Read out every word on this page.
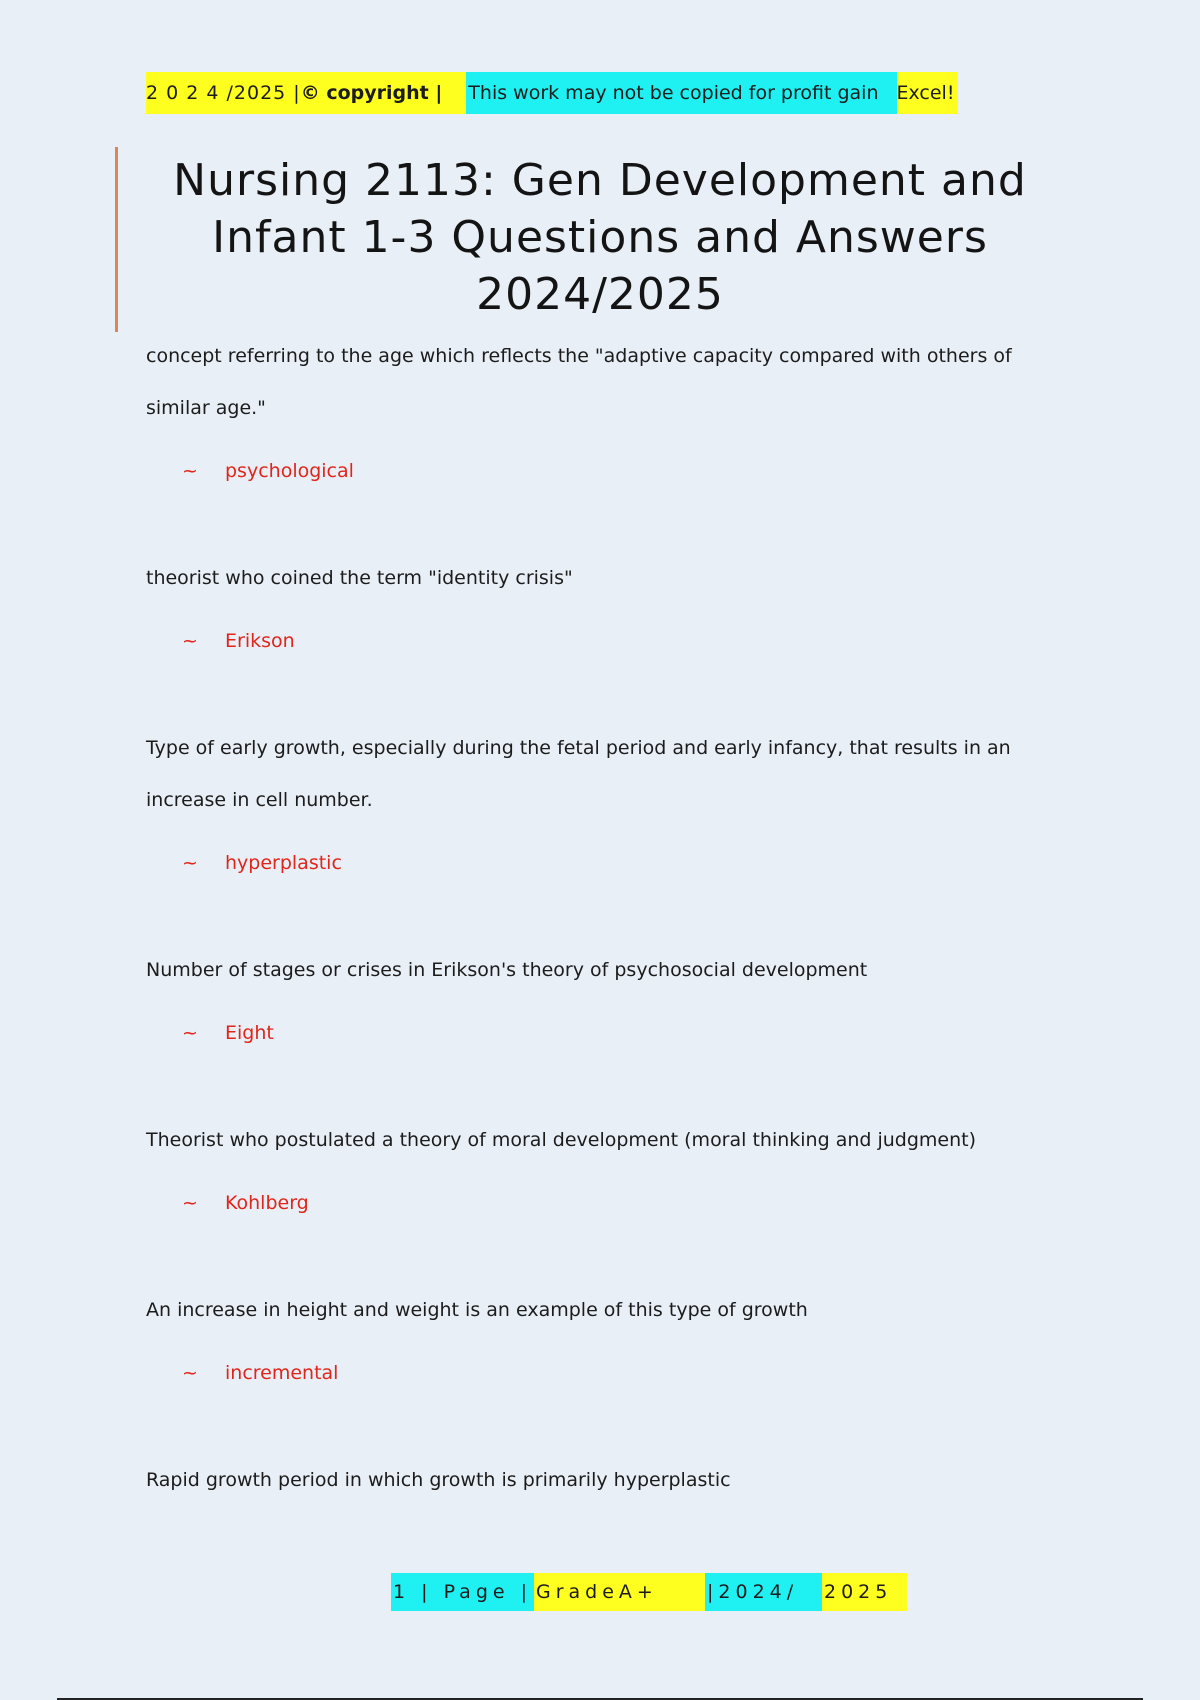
2 0 2 4 /2025 | © copyright |	This work may not be copied for profit gain Excel!
Nursing 2113: Gen Development and
Infant 1-3 Questions and Answers
2024/2025

concept referring to the age which reflects the "adaptive capacity compared with others of

similar age."

~	psychological

theorist who coined the term "identity crisis"

~	Erikson

Type of early growth, especially during the fetal period and early infancy, that results in an

increase in cell number.

~	hyperplastic

Number of stages or crises in Erikson's theory of psychosocial development

~	Eight

Theorist who postulated a theory of moral development (moral thinking and judgment)

~	Kohlberg

An increase in height and weight is an example of this type of growth

~	incremental

Rapid growth period in which growth is primarily hyperplastic

1 | Page | GradeA+	|2024/	2025
